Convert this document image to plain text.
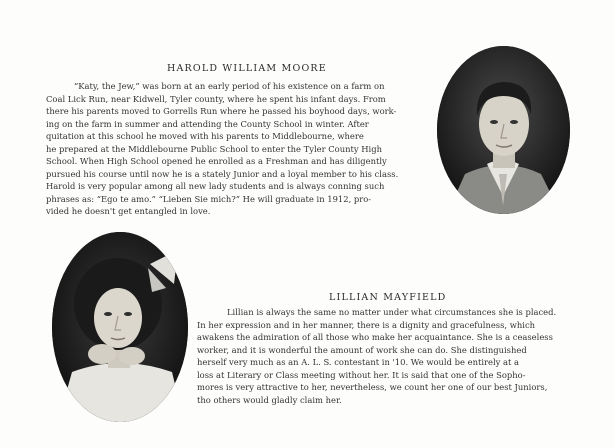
HAROLD WILLIAM MOORE
“Katy, the Jew,” was born at an early period of his existence on a farm on
Coal Lick Run, near Kidwell, Tyler county, where he spent his infant days. From
there his parents moved to Gorrells Run where he passed his boyhood days, work-
ing on the farm in summer and attending the County School in winter. After
quitation at this school he moved with his parents to Middlebourne, where
he prepared at the Middlebourne Public School to enter the Tyler County High
School. When High School opened he enrolled as a Freshman and has diligently
pursued his course until now he is a stately Junior and a loyal member to his class.
Harold is very popular among all new lady students and is always conning such
phrases as: “Ego te amo.” “Lieben Sie mich?” He will graduate in 1912, pro-
vided he doesn't get entangled in love.
LILLIAN MAYFIELD
Lillian is always the same no matter under what circumstances she is placed.
In her expression and in her manner, there is a dignity and gracefulness, which
awakens the admiration of all those who make her acquaintance. She is a ceaseless
worker, and it is wonderful the amount of work she can do. She distinguished
herself very much as an A. L. S. contestant in '10. We would be entirely at a
loss at Literary or Class meeting without her. It is said that one of the Sopho-
mores is very attractive to her, nevertheless, we count her one of our best Juniors,
tho others would gladly claim her.
